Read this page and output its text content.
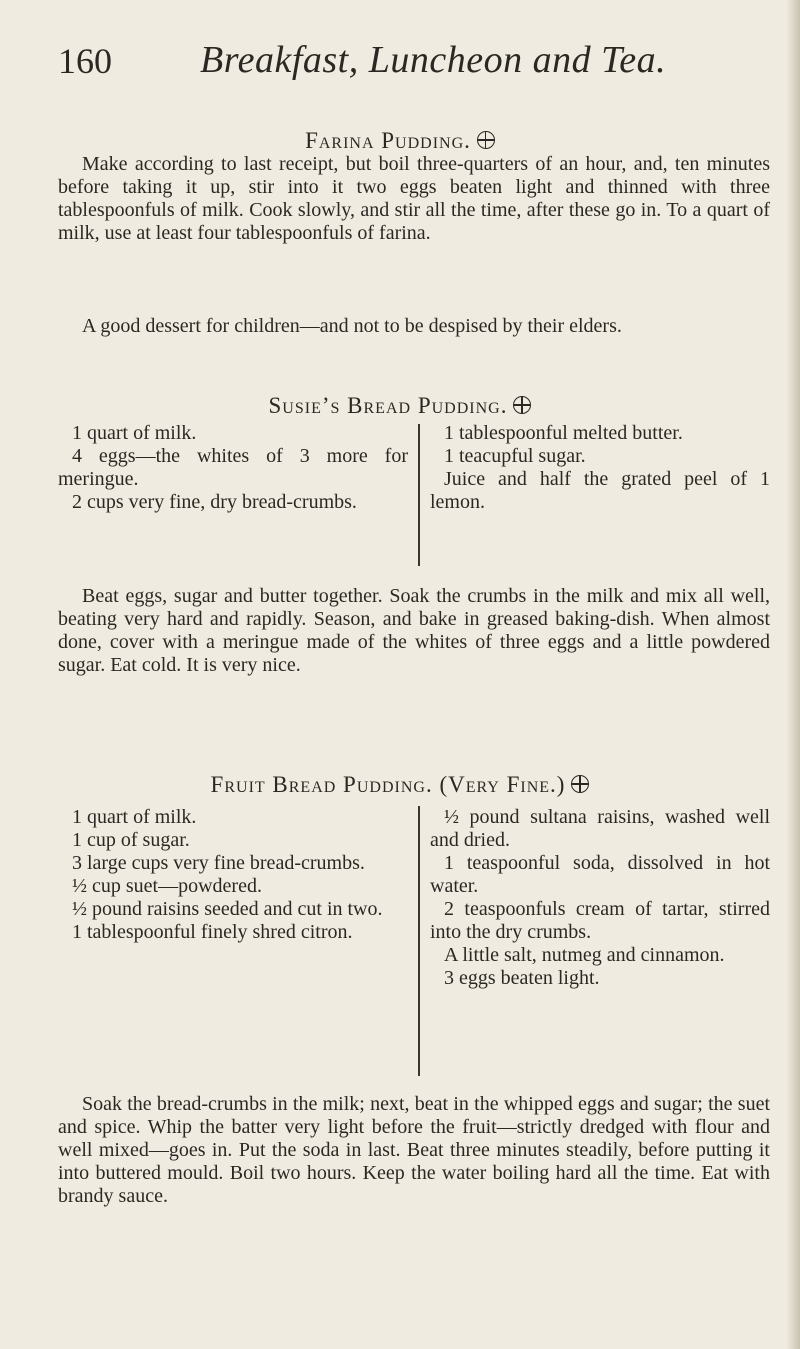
160 Breakfast, Luncheon and Tea.
Farina Pudding.

Make according to last receipt, but boil three-quarters of an hour, and, ten minutes before taking it up, stir into it two eggs beaten light and thinned with three tablespoonfuls of milk. Cook slowly, and stir all the time, after these go in. To a quart of milk, use at least four tablespoonfuls of farina.

A good dessert for children—and not to be despised by their elders.

Susie’s Bread Pudding.

1 quart of milk.

4 eggs—the whites of 3 more for meringue.

2 cups very fine, dry bread-crumbs.

1 tablespoonful melted butter.

1 teacupful sugar.

Juice and half the grated peel of 1 lemon.

Beat eggs, sugar and butter together. Soak the crumbs in the milk and mix all well, beating very hard and rapidly. Season, and bake in greased baking-dish. When almost done, cover with a meringue made of the whites of three eggs and a little powdered sugar. Eat cold. It is very nice.

Fruit Bread Pudding. (Very Fine.)

1 quart of milk.

1 cup of sugar.

3 large cups very fine bread-crumbs.

½ cup suet—powdered.

½ pound raisins seeded and cut in two.

1 tablespoonful finely shred citron.

½ pound sultana raisins, washed well and dried.

1 teaspoonful soda, dissolved in hot water.

2 teaspoonfuls cream of tartar, stirred into the dry crumbs.

A little salt, nutmeg and cinnamon.

3 eggs beaten light.

Soak the bread-crumbs in the milk; next, beat in the whipped eggs and sugar; the suet and spice. Whip the batter very light before the fruit—strictly dredged with flour and well mixed—goes in. Put the soda in last. Beat three minutes steadily, before putting it into buttered mould. Boil two hours. Keep the water boiling hard all the time. Eat with brandy sauce.
